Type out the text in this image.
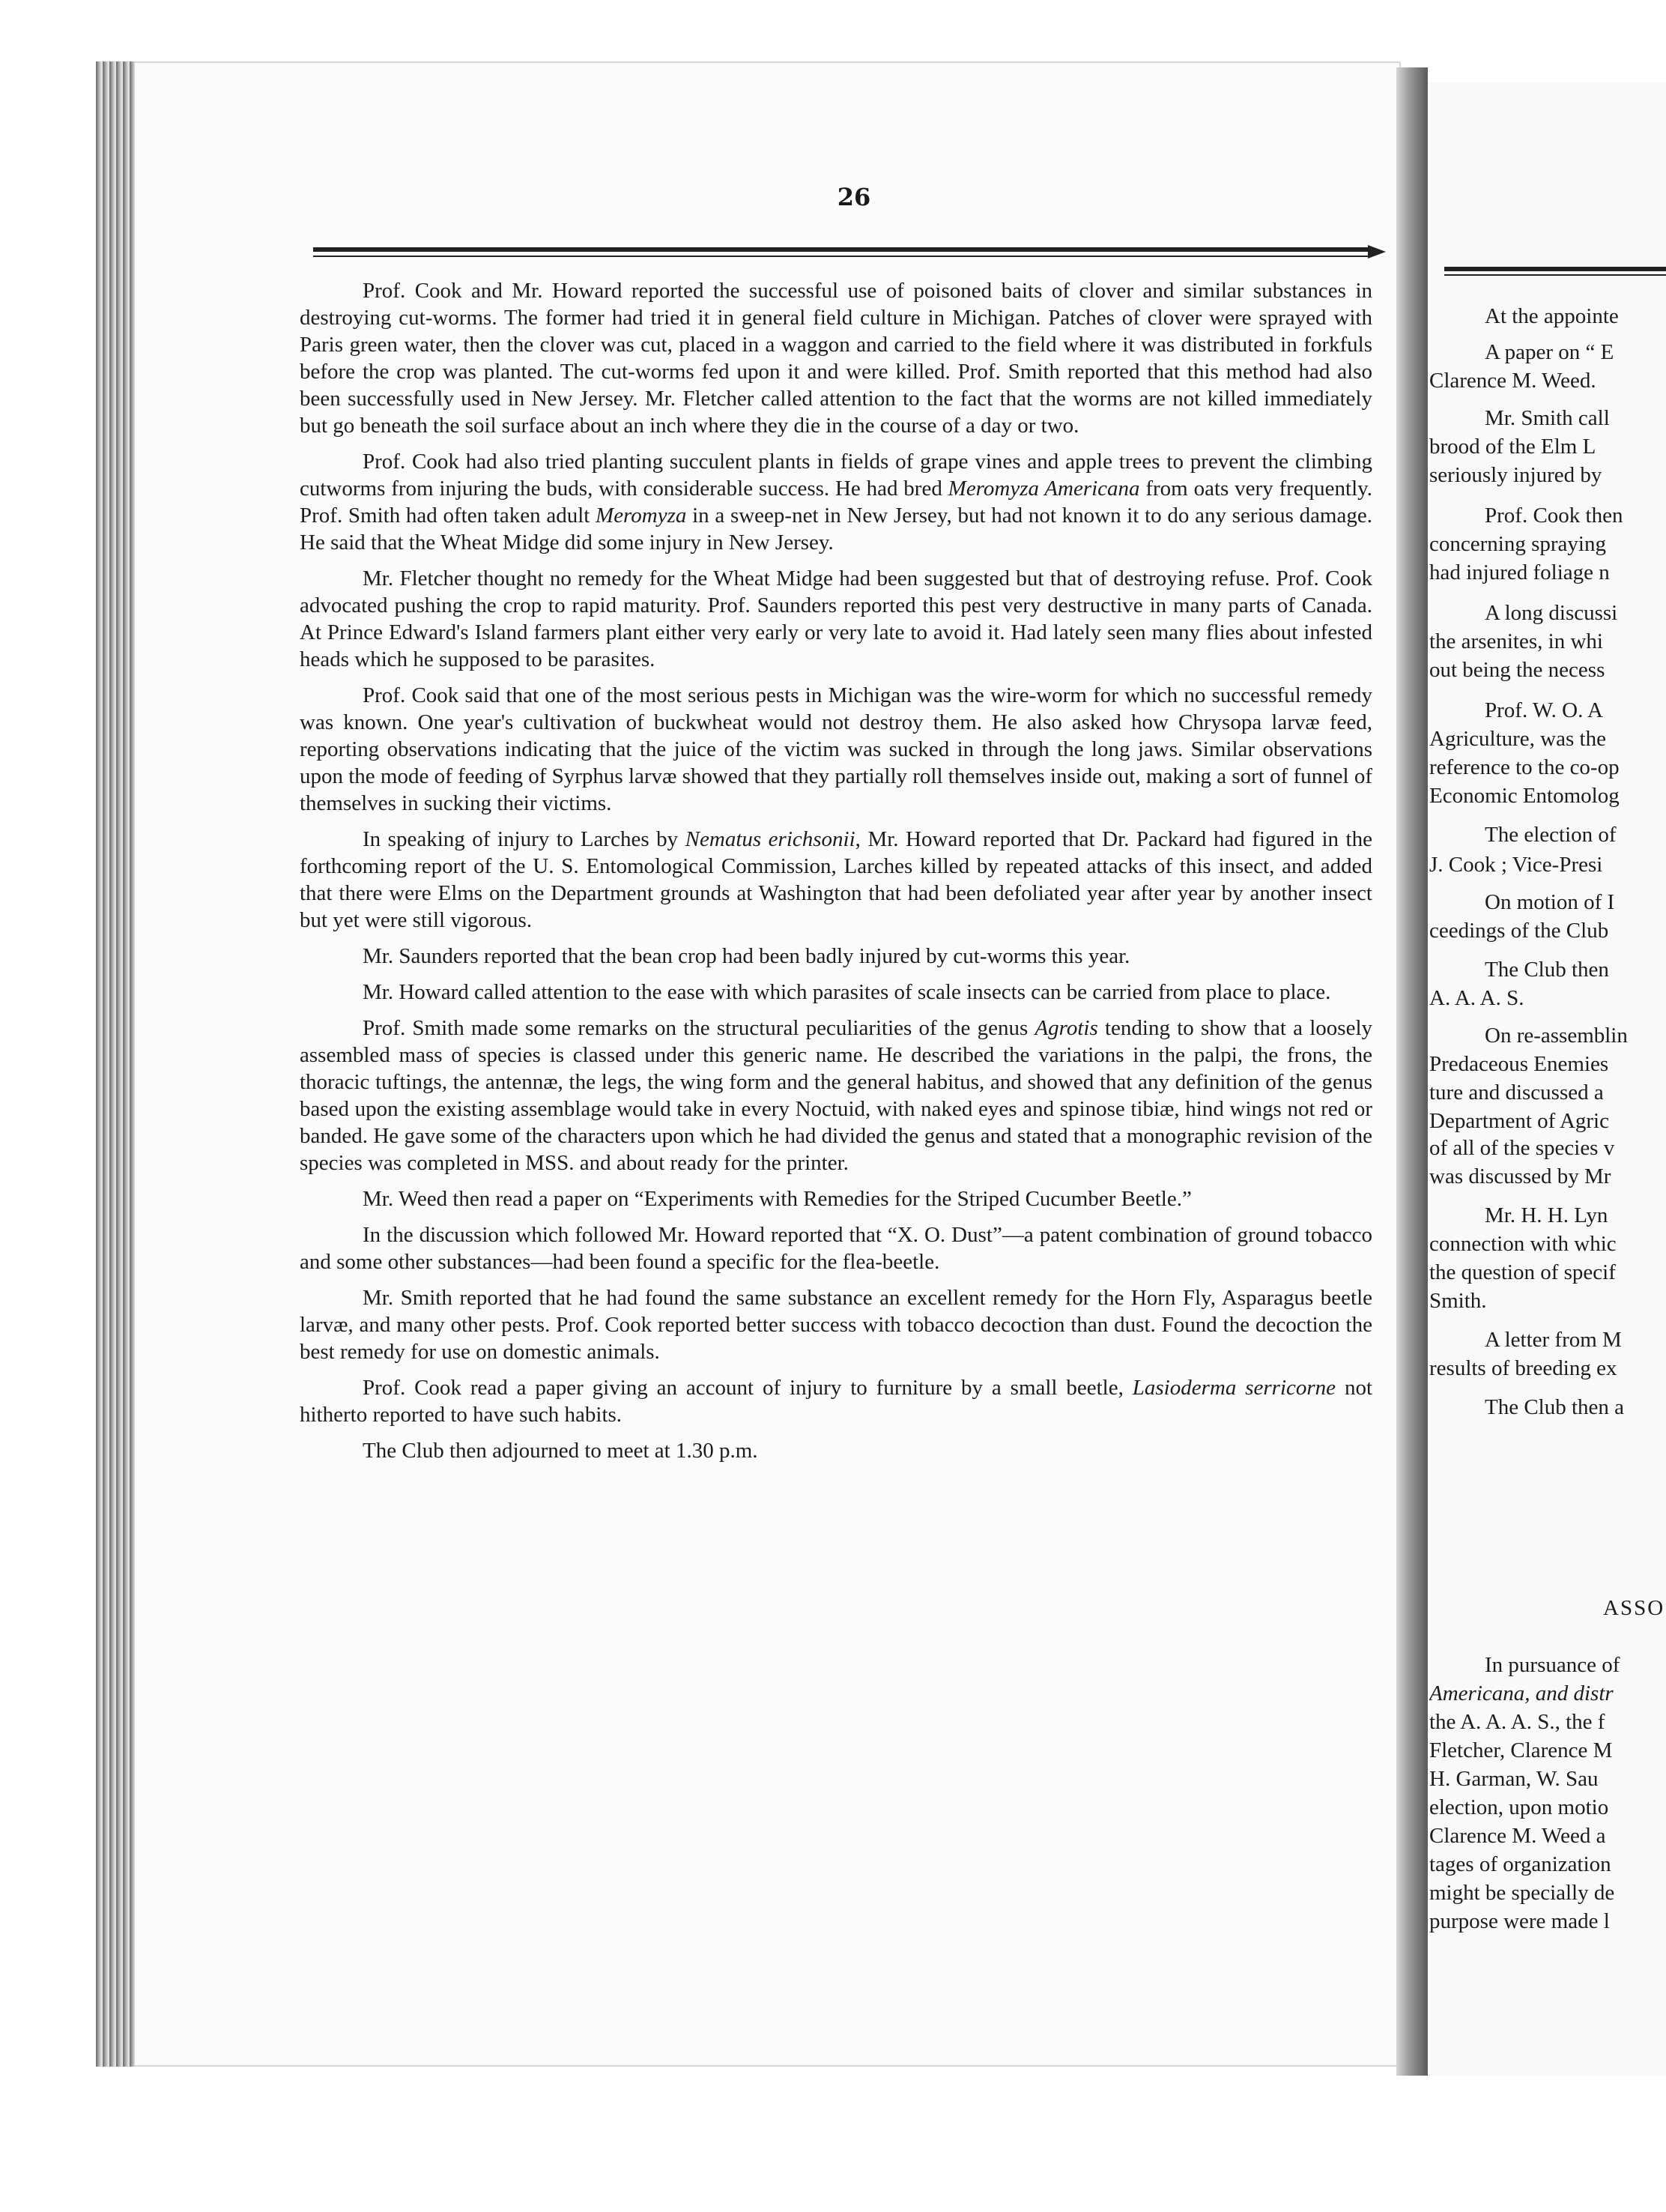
26

Prof. Cook and Mr. Howard reported the successful use of poisoned baits of clover and similar substances in destroying cut-worms. The former had tried it in general field culture in Michigan. Patches of clover were sprayed with Paris green water, then the clover was cut, placed in a waggon and carried to the field where it was distributed in forkfuls before the crop was planted. The cut-worms fed upon it and were killed. Prof. Smith reported that this method had also been successfully used in New Jersey. Mr. Fletcher called attention to the fact that the worms are not killed immediately but go beneath the soil surface about an inch where they die in the course of a day or two.

Prof. Cook had also tried planting succulent plants in fields of grape vines and apple trees to prevent the climbing cutworms from injuring the buds, with considerable success. He had bred Meromyza Americana from oats very frequently. Prof. Smith had often taken adult Meromyza in a sweep-net in New Jersey, but had not known it to do any serious damage. He said that the Wheat Midge did some injury in New Jersey.

Mr. Fletcher thought no remedy for the Wheat Midge had been suggested but that of destroying refuse. Prof. Cook advocated pushing the crop to rapid maturity. Prof. Saunders reported this pest very destructive in many parts of Canada. At Prince Edward's Island farmers plant either very early or very late to avoid it. Had lately seen many flies about infested heads which he supposed to be parasites.

Prof. Cook said that one of the most serious pests in Michigan was the wire-worm for which no successful remedy was known. One year's cultivation of buckwheat would not destroy them. He also asked how Chrysopa larvæ feed, reporting observations indicating that the juice of the victim was sucked in through the long jaws. Similar observations upon the mode of feeding of Syrphus larvæ showed that they partially roll themselves inside out, making a sort of funnel of themselves in sucking their victims.

In speaking of injury to Larches by Nematus erichsonii, Mr. Howard reported that Dr. Packard had figured in the forthcoming report of the U. S. Entomological Commission, Larches killed by repeated attacks of this insect, and added that there were Elms on the Department grounds at Washington that had been defoliated year after year by another insect but yet were still vigorous.

Mr. Saunders reported that the bean crop had been badly injured by cut-worms this year.

Mr. Howard called attention to the ease with which parasites of scale insects can be carried from place to place.

Prof. Smith made some remarks on the structural peculiarities of the genus Agrotis tending to show that a loosely assembled mass of species is classed under this generic name. He described the variations in the palpi, the frons, the thoracic tuftings, the antennæ, the legs, the wing form and the general habitus, and showed that any definition of the genus based upon the existing assemblage would take in every Noctuid, with naked eyes and spinose tibiæ, hind wings not red or banded. He gave some of the characters upon which he had divided the genus and stated that a monographic revision of the species was completed in MSS. and about ready for the printer.

Mr. Weed then read a paper on “Experiments with Remedies for the Striped Cucumber Beetle.”

In the discussion which followed Mr. Howard reported that “X. O. Dust”—a patent combination of ground tobacco and some other substances—had been found a specific for the flea-beetle.

Mr. Smith reported that he had found the same substance an excellent remedy for the Horn Fly, Asparagus beetle larvæ, and many other pests. Prof. Cook reported better success with tobacco decoction than dust. Found the decoction the best remedy for use on domestic animals.

Prof. Cook read a paper giving an account of injury to furniture by a small beetle, Lasioderma serricorne not hitherto reported to have such habits.

The Club then adjourned to meet at 1.30 p.m.

At the appointe
A paper on “ E
Clarence M. Weed.
Mr. Smith call
brood of the Elm L
seriously injured by
Prof. Cook then
concerning spraying
had injured foliage n
A long discussi
the arsenites, in whi
out being the necess
Prof. W. O. A
Agriculture, was the
reference to the co-op
Economic Entomolog
The election of
J. Cook ; Vice-Presi
On motion of I
ceedings of the Club
The Club then
A. A. A. S.
On re-assemblin
Predaceous Enemies
ture and discussed a
Department of Agric
of all of the species v
was discussed by Mr
Mr. H. H. Lyn
connection with whic
the question of specif
Smith.
A letter from M
results of breeding ex
The Club then a
ASSO
In pursuance of
Americana, and distr
the A. A. A. S., the f
Fletcher, Clarence M
H. Garman, W. Sau
election, upon motio
Clarence M. Weed a
tages of organization
might be specially de
purpose were made l
